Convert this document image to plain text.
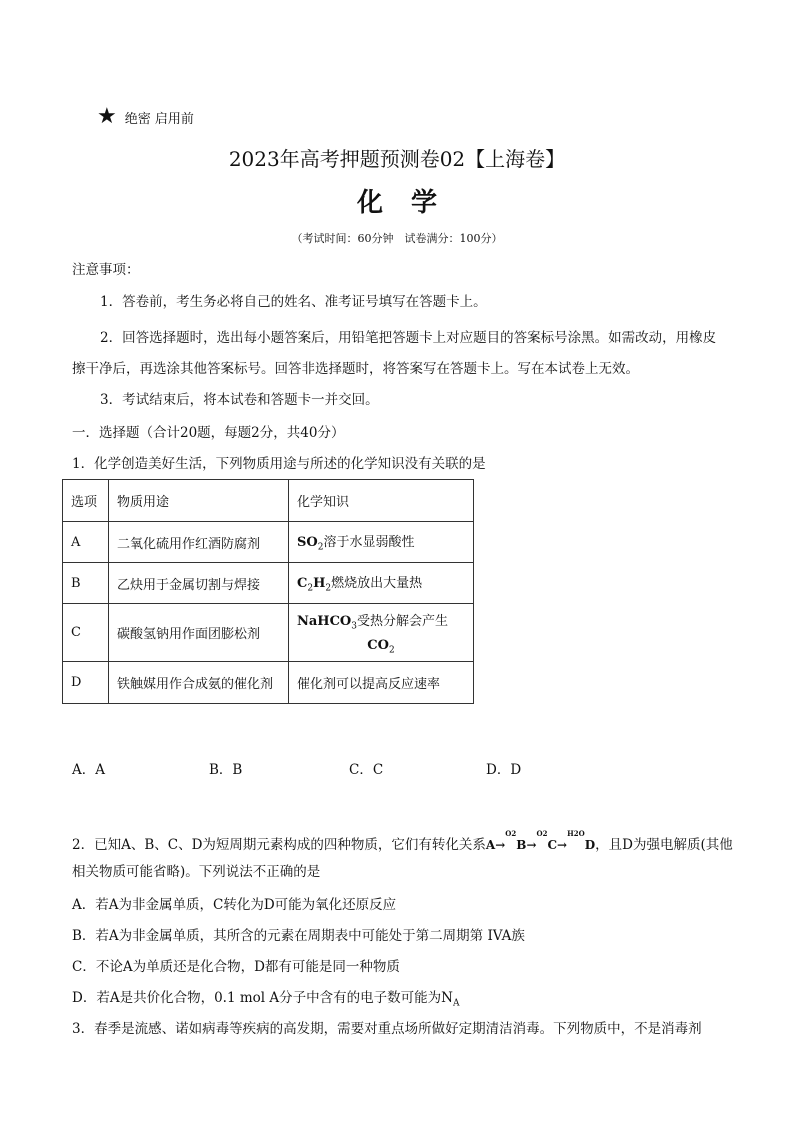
★ 绝密 启用前
2023年高考押题预测卷02【上海卷】
化学
（考试时间：60分钟　试卷满分：100分）
注意事项：
1．答卷前，考生务必将自己的姓名、准考证号填写在答题卡上。
2．回答选择题时，选出每小题答案后，用铅笔把答题卡上对应题目的答案标号涂黑。如需改动，用橡皮擦干净后，再选涂其他答案标号。回答非选择题时，将答案写在答题卡上。写在本试卷上无效。
3．考试结束后，将本试卷和答题卡一并交回。
一．选择题（合计20题，每题2分，共40分）
1．化学创造美好生活，下列物质用途与所述的化学知识没有关联的是
选项	物质用途	化学知识
A	二氧化硫用作红酒防腐剂	$SO_2$溶于水显弱酸性
B	乙炔用于金属切割与焊接	$C_2H_2$燃烧放出大量热
C	碳酸氢钠用作面团膨松剂	NaHCO$_3$受热分解会产生
$CO_2$

D	铁触媒用作合成氨的催化剂	催化剂可以提高反应速率
A．A	B．B	C．C	D．D
2．已知A、B、C、D为短周期元素构成的四种物质，它们有转化关系A→$^{O2}$B→$^{O2}$C→$^{H2O}$D，且D为强电解质(其他
相关物质可能省略)。下列说法不正确的是
A．若A为非金属单质，C转化为D可能为氧化还原反应
B．若A为非金属单质，其所含的元素在周期表中可能处于第二周期第 IVA族
C．不论A为单质还是化合物，D都有可能是同一种物质
D．若A是共价化合物，0.1 mol A分子中含有的电子数可能为$N_A$
3．春季是流感、诺如病毒等疾病的高发期，需要对重点场所做好定期清洁消毒。下列物质中，不是消毒剂
